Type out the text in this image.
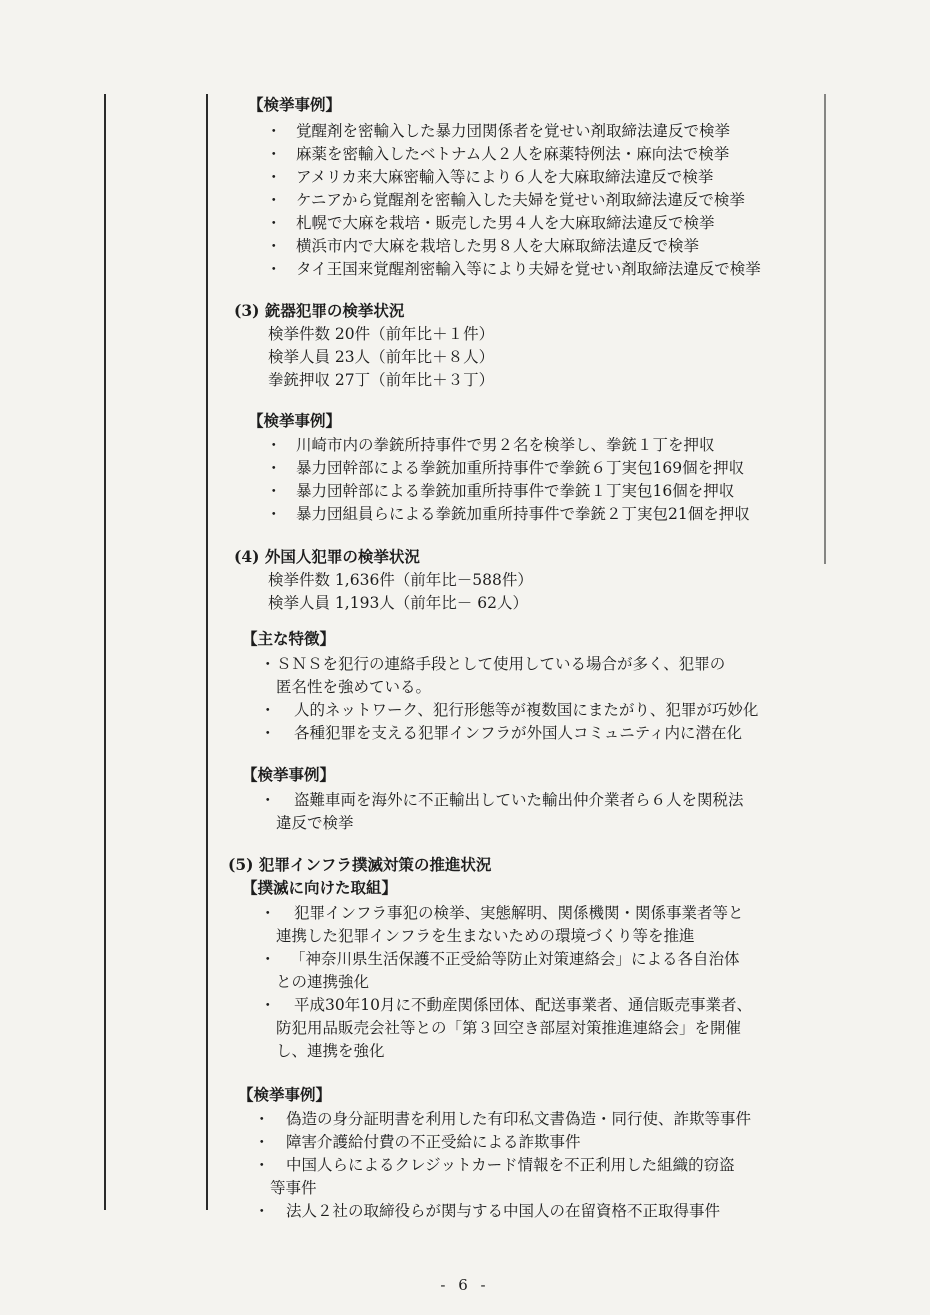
【検挙事例】
・ 覚醒剤を密輸入した暴力団関係者を覚せい剤取締法違反で検挙
・ 麻薬を密輸入したベトナム人２人を麻薬特例法・麻向法で検挙
・ アメリカ来大麻密輸入等により６人を大麻取締法違反で検挙
・ ケニアから覚醒剤を密輸入した夫婦を覚せい剤取締法違反で検挙
・ 札幌で大麻を栽培・販売した男４人を大麻取締法違反で検挙
・ 横浜市内で大麻を栽培した男８人を大麻取締法違反で検挙
・ タイ王国来覚醒剤密輸入等により夫婦を覚せい剤取締法違反で検挙
(3) 銃器犯罪の検挙状況
検挙件数 20件（前年比＋１件）
検挙人員 23人（前年比＋８人）
拳銃押収 27丁（前年比＋３丁）
【検挙事例】
・ 川崎市内の拳銃所持事件で男２名を検挙し、拳銃１丁を押収
・ 暴力団幹部による拳銃加重所持事件で拳銃６丁実包169個を押収
・ 暴力団幹部による拳銃加重所持事件で拳銃１丁実包16個を押収
・ 暴力団組員らによる拳銃加重所持事件で拳銃２丁実包21個を押収
(4) 外国人犯罪の検挙状況
検挙件数 1,636件（前年比－588件）
検挙人員 1,193人（前年比－ 62人）
【主な特徴】
・ ＳＮＳを犯行の連絡手段として使用している場合が多く、犯罪の
匿名性を強めている。
・ 人的ネットワーク、犯行形態等が複数国にまたがり、犯罪が巧妙化
・ 各種犯罪を支える犯罪インフラが外国人コミュニティ内に潜在化
【検挙事例】
・ 盗難車両を海外に不正輸出していた輸出仲介業者ら６人を関税法
違反で検挙
(5) 犯罪インフラ撲滅対策の推進状況
【撲滅に向けた取組】
・ 犯罪インフラ事犯の検挙、実態解明、関係機関・関係事業者等と
連携した犯罪インフラを生まないための環境づくり等を推進
・ 「神奈川県生活保護不正受給等防止対策連絡会」による各自治体
との連携強化
・ 平成30年10月に不動産関係団体、配送事業者、通信販売事業者、
防犯用品販売会社等との「第３回空き部屋対策推進連絡会」を開催
し、連携を強化
【検挙事例】
・ 偽造の身分証明書を利用した有印私文書偽造・同行使、詐欺等事件
・ 障害介護給付費の不正受給による詐欺事件
・ 中国人らによるクレジットカード情報を不正利用した組織的窃盗
等事件
・ 法人２社の取締役らが関与する中国人の在留資格不正取得事件
- 6 -
